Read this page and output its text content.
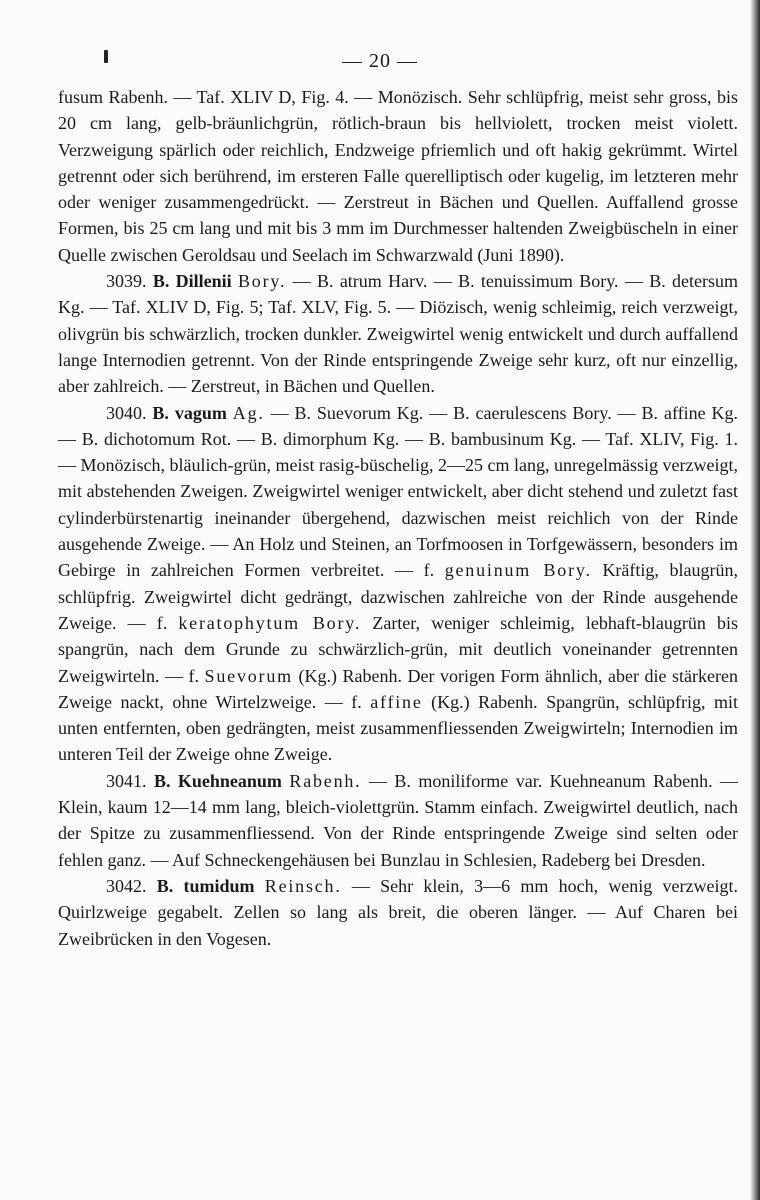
— 20 —

fusum Rabenh. — Taf. XLIV D, Fig. 4. — Monözisch. Sehr schlüpfrig, meist sehr gross, bis 20 cm lang, gelb-bräunlichgrün, rötlich-braun bis hellviolett, trocken meist violett. Verzweigung spärlich oder reichlich, Endzweige pfriemlich und oft hakig gekrümmt. Wirtel getrennt oder sich berührend, im ersteren Falle querelliptisch oder kugelig, im letzteren mehr oder weniger zusammengedrückt. — Zerstreut in Bächen und Quellen. Auffallend grosse Formen, bis 25 cm lang und mit bis 3 mm im Durchmesser haltenden Zweigbüscheln in einer Quelle zwischen Geroldsau und Seelach im Schwarzwald (Juni 1890).

3039. B. Dillenii Bory. — B. atrum Harv. — B. tenuissimum Bory. — B. detersum Kg. — Taf. XLIV D, Fig. 5; Taf. XLV, Fig. 5. — Diözisch, wenig schleimig, reich verzweigt, olivgrün bis schwärzlich, trocken dunkler. Zweigwirtel wenig entwickelt und durch auffallend lange Internodien getrennt. Von der Rinde entspringende Zweige sehr kurz, oft nur einzellig, aber zahlreich. — Zerstreut, in Bächen und Quellen.

3040. B. vagum Ag. — B. Suevorum Kg. — B. caerulescens Bory. — B. affine Kg. — B. dichotomum Rot. — B. dimorphum Kg. — B. bambusinum Kg. — Taf. XLIV, Fig. 1. — Monözisch, bläulich-grün, meist rasig-büschelig, 2—25 cm lang, unregelmässig verzweigt, mit abstehenden Zweigen. Zweigwirtel weniger entwickelt, aber dicht stehend und zuletzt fast cylinderbürstenartig ineinander übergehend, dazwischen meist reichlich von der Rinde ausgehende Zweige. — An Holz und Steinen, an Torfmoosen in Torfgewässern, besonders im Gebirge in zahlreichen Formen verbreitet. — f. genuinum Bory. Kräftig, blaugrün, schlüpfrig. Zweigwirtel dicht gedrängt, dazwischen zahlreiche von der Rinde ausgehende Zweige. — f. keratophytum Bory. Zarter, weniger schleimig, lebhaft-blaugrün bis spangrün, nach dem Grunde zu schwärzlich-grün, mit deutlich voneinander getrennten Zweigwirteln. — f. Suevorum (Kg.) Rabenh. Der vorigen Form ähnlich, aber die stärkeren Zweige nackt, ohne Wirtelzweige. — f. affine (Kg.) Rabenh. Spangrün, schlüpfrig, mit unten entfernten, oben gedrängten, meist zusammenfliessenden Zweigwirteln; Internodien im unteren Teil der Zweige ohne Zweige.

3041. B. Kuehneanum Rabenh. — B. moniliforme var. Kuehneanum Rabenh. — Klein, kaum 12—14 mm lang, bleich-violettgrün. Stamm einfach. Zweigwirtel deutlich, nach der Spitze zu zusammenfliessend. Von der Rinde entspringende Zweige sind selten oder fehlen ganz. — Auf Schneckengehäusen bei Bunzlau in Schlesien, Radeberg bei Dresden.

3042. B. tumidum Reinsch. — Sehr klein, 3—6 mm hoch, wenig verzweigt. Quirlzweige gegabelt. Zellen so lang als breit, die oberen länger. — Auf Charen bei Zweibrücken in den Vogesen.
